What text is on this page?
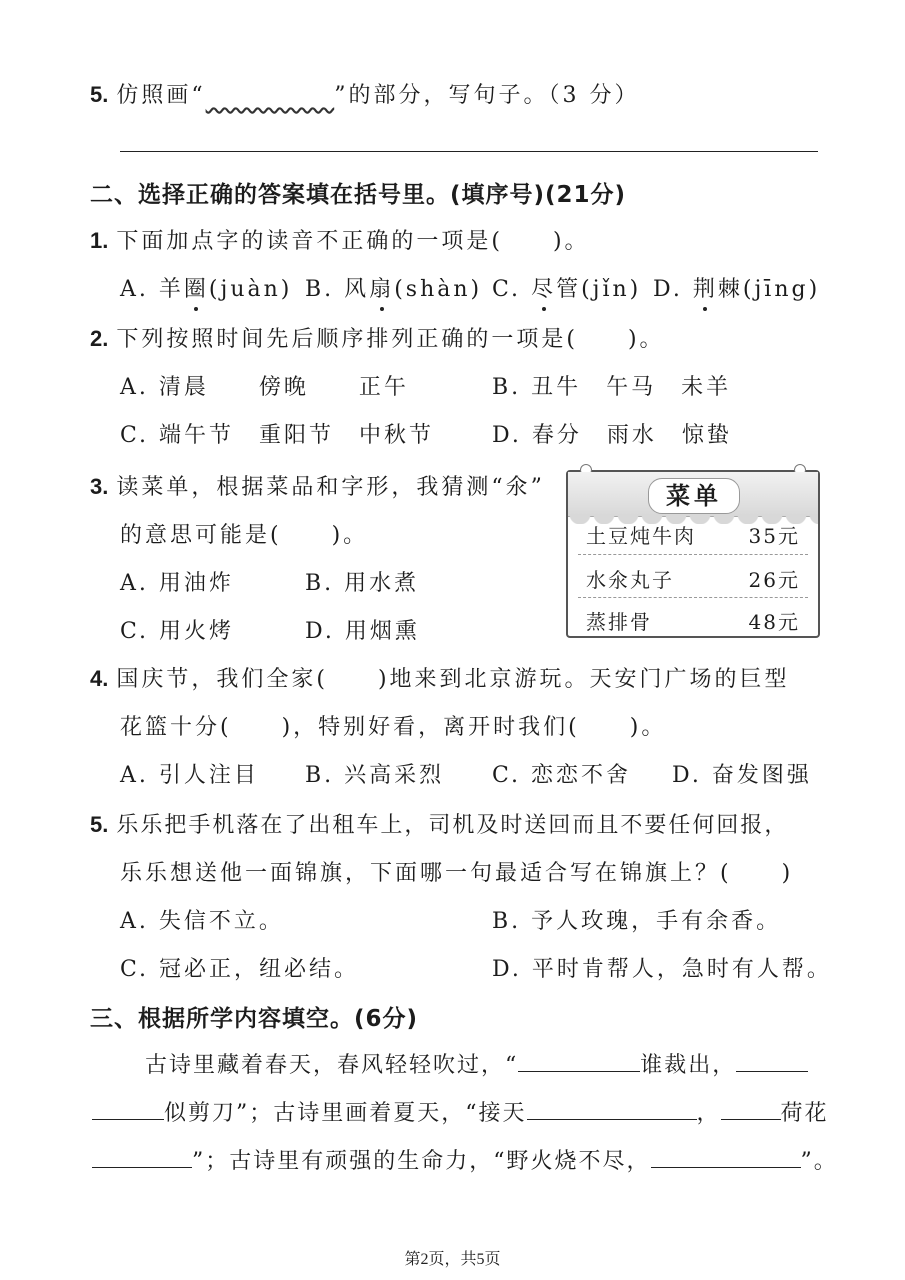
5. 仿照画“	”的部分，写句子。（3 分）
二、选择正确的答案填在括号里。(填序号)(21分)
1. 下面加点字的读音不正确的一项是(　　)。
A. 羊圈(juàn) B. 风扇(shàn) C. 尽管(jǐn) D. 荆棘(jīng)
2. 下列按照时间先后顺序排列正确的一项是(　　)。
A. 清晨　　傍晚　　正午	B. 丑牛　午马　未羊
C. 端午节　重阳节　中秋节	D. 春分　雨水　惊蛰
3. 读菜单，根据菜品和字形，我猜测“氽”
的意思可能是(　　)。
A. 用油炸	B. 用水煮
C. 用火烤	D. 用烟熏
菜单
土豆炖牛肉	35元
水氽丸子	26元
蒸排骨	48元
4. 国庆节，我们全家(　　)地来到北京游玩。天安门广场的巨型
花篮十分(　　)，特别好看，离开时我们(　　)。
A. 引人注目 B. 兴高采烈 C. 恋恋不舍 D. 奋发图强
5. 乐乐把手机落在了出租车上，司机及时送回而且不要任何回报，
乐乐想送他一面锦旗，下面哪一句最适合写在锦旗上？(　　)
A. 失信不立。	B. 予人玫瑰，手有余香。
C. 冠必正，纽必结。	D. 平时肯帮人，急时有人帮。
三、根据所学内容填空。(6分)
古诗里藏着春天，春风轻轻吹过，“	谁裁出，
似剪刀”；古诗里画着夏天，“接天	，	荷花
”；古诗里有顽强的生命力，“野火烧不尽，	”。
第2页，共5页
